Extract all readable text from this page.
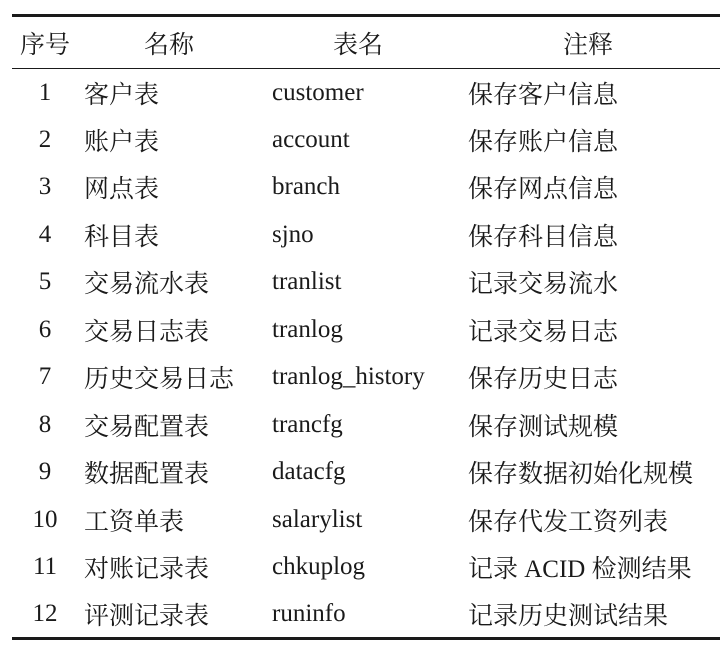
序号	名称	表名	注释
1	客户表	customer	保存客户信息
2	账户表	account	保存账户信息
3	网点表	branch	保存网点信息
4	科目表	sjno	保存科目信息
5	交易流水表	tranlist	记录交易流水
6	交易日志表	tranlog	记录交易日志
7	历史交易日志	tranlog_history	保存历史日志
8	交易配置表	trancfg	保存测试规模
9	数据配置表	datacfg	保存数据初始化规模
10	工资单表	salarylist	保存代发工资列表
11	对账记录表	chkuplog	记录 ACID 检测结果
12	评测记录表	runinfo	记录历史测试结果
